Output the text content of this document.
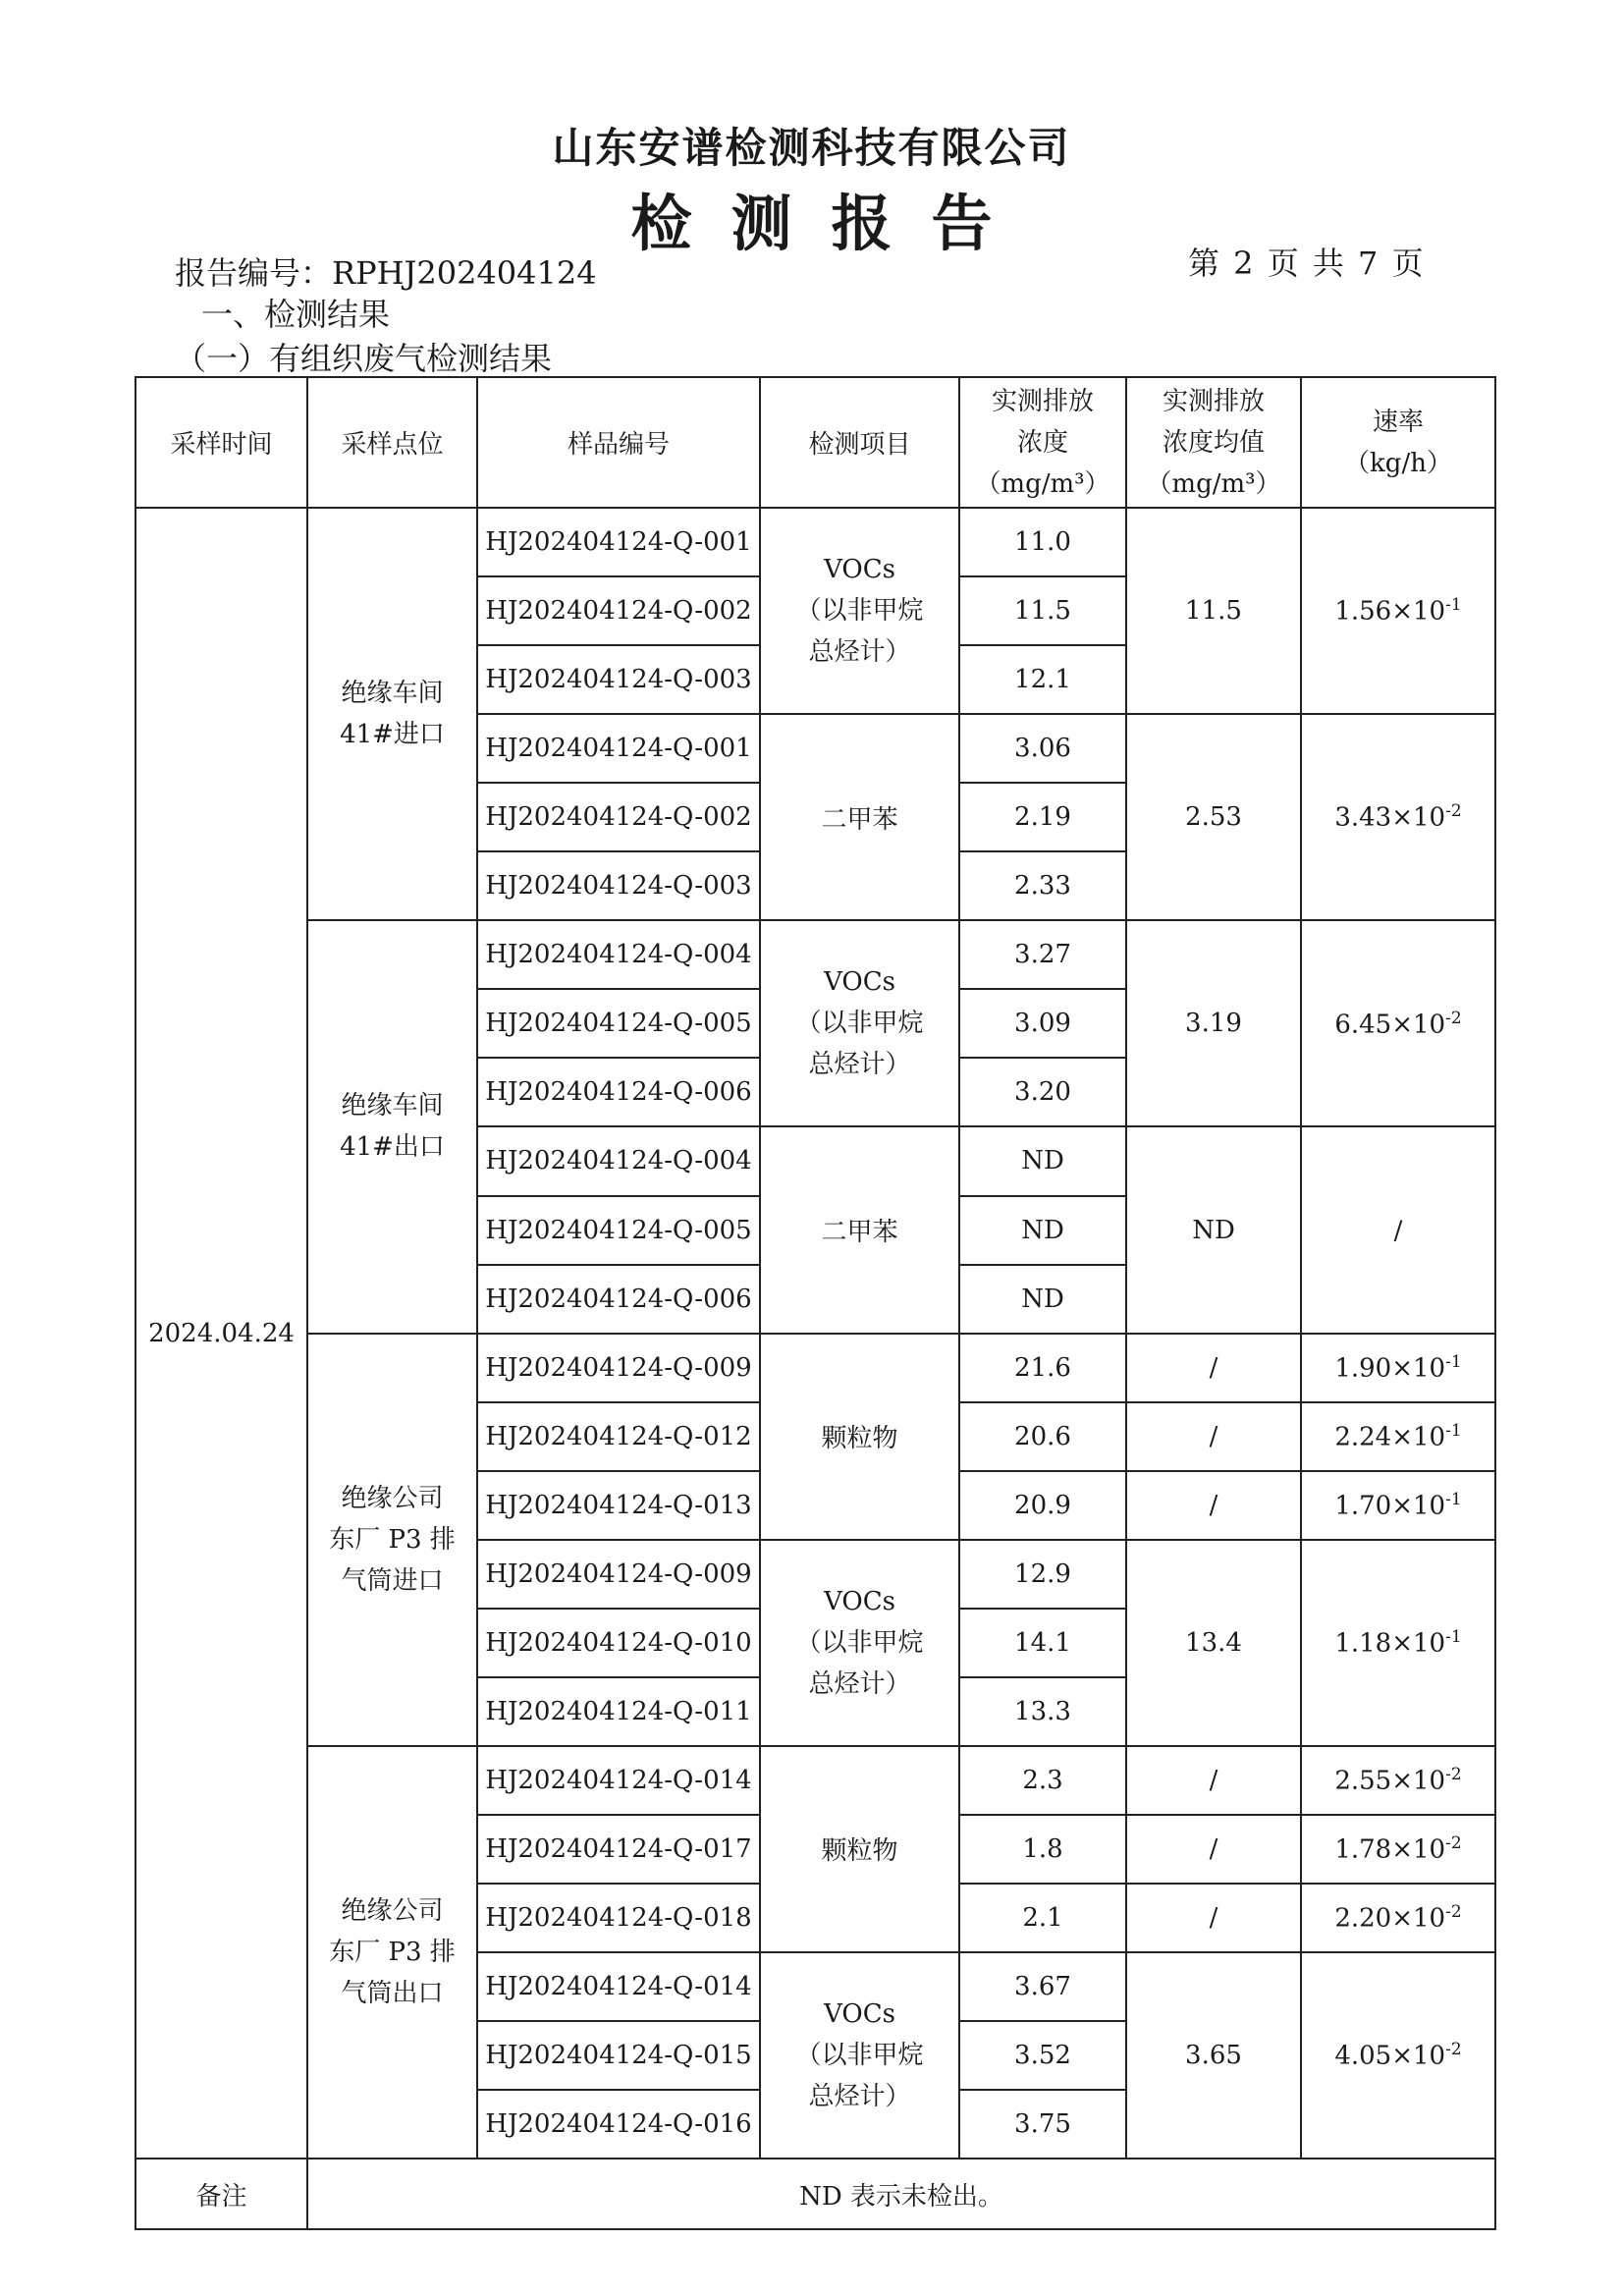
山东安谱检测科技有限公司
检测报告
报告编号：RPHJ202404124	第 2 页 共 7 页
一、检测结果
（一）有组织废气检测结果
采样时间	采样点位	样品编号	检测项目	实测排放
浓度
（mg/m³）	实测排放
浓度均值
（mg/m³）	速率
（kg/h）

2024.04.24	绝缘车间
41#进口	HJ202404124-Q-001	VOCs
（以非甲烷
总烃计）	11.0	11.5	$1.56\times 10^{-1}$
		HJ202404124-Q-002		11.5		
		HJ202404124-Q-003		12.1		
		HJ202404124-Q-001	二甲苯	3.06	2.53	$3.43\times 10^{-2}$
		HJ202404124-Q-002		2.19		
		HJ202404124-Q-003		2.33		

	绝缘车间
41#出口	HJ202404124-Q-004	VOCs
（以非甲烷
总烃计）	3.27	3.19	$6.45\times 10^{-2}$
		HJ202404124-Q-005		3.09		
		HJ202404124-Q-006		3.20		
		HJ202404124-Q-004	二甲苯	ND	ND	/
		HJ202404124-Q-005		ND		
		HJ202404124-Q-006		ND		

	绝缘公司
东厂 P3 排
气筒进口	HJ202404124-Q-009	颗粒物	21.6	/	$1.90\times 10^{-1}$
		HJ202404124-Q-012		20.6	/	$2.24\times 10^{-1}$
		HJ202404124-Q-013		20.9	/	$1.70\times 10^{-1}$
		HJ202404124-Q-009	VOCs
（以非甲烷
总烃计）	12.9	13.4	$1.18\times 10^{-1}$
		HJ202404124-Q-010		14.1		
		HJ202404124-Q-011		13.3		

	绝缘公司
东厂 P3 排
气筒出口	HJ202404124-Q-014	颗粒物	2.3	/	$2.55\times 10^{-2}$
		HJ202404124-Q-017		1.8	/	$1.78\times 10^{-2}$
		HJ202404124-Q-018		2.1	/	$2.20\times 10^{-2}$
		HJ202404124-Q-014	VOCs
（以非甲烷
总烃计）	3.67	3.65	$4.05\times 10^{-2}$
		HJ202404124-Q-015		3.52		
		HJ202404124-Q-016		3.75		
备注	ND 表示未检出。					
